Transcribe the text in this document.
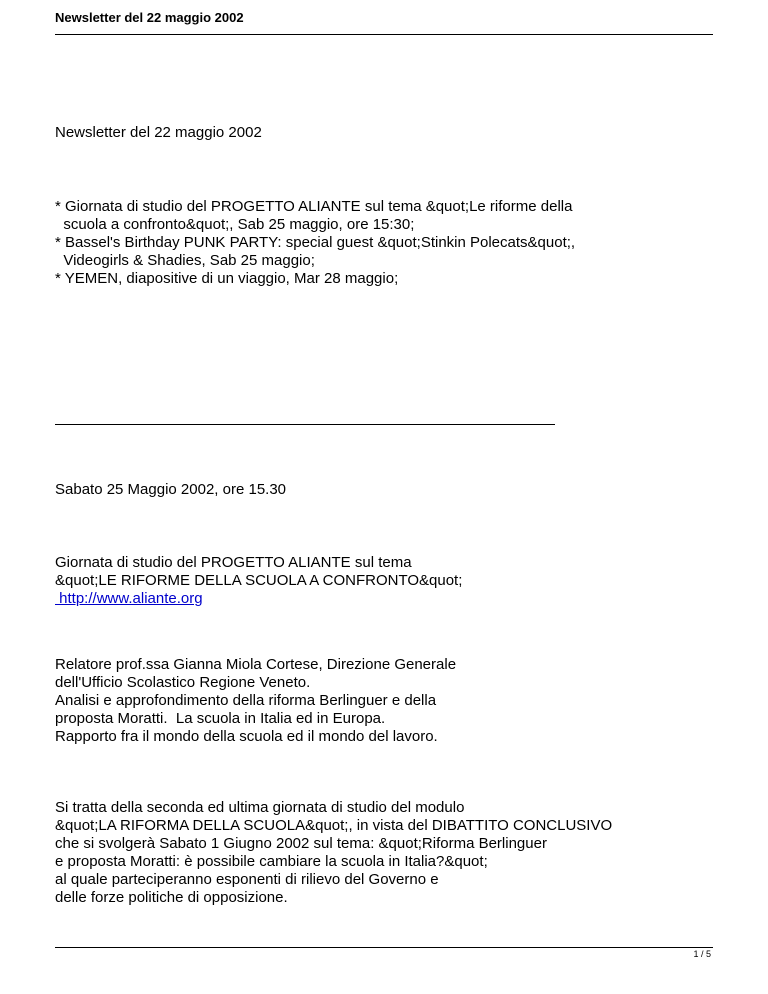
Newsletter del 22 maggio 2002
Newsletter del 22 maggio 2002
* Giornata di studio del PROGETTO ALIANTE sul tema &quot;Le riforme della
scuola a confronto&quot;, Sab 25 maggio, ore 15:30;
* Bassel's Birthday PUNK PARTY: special guest &quot;Stinkin Polecats&quot;,
Videogirls & Shadies, Sab 25 maggio;
* YEMEN, diapositive di un viaggio, Mar 28 maggio;
Sabato 25 Maggio 2002, ore 15.30
Giornata di studio del PROGETTO ALIANTE sul tema
&quot;LE RIFORME DELLA SCUOLA A CONFRONTO&quot;
http://www.aliante.org
Relatore prof.ssa Gianna Miola Cortese, Direzione Generale
dell'Ufficio Scolastico Regione Veneto.
Analisi e approfondimento della riforma Berlinguer e della
proposta Moratti.  La scuola in Italia ed in Europa.
Rapporto fra il mondo della scuola ed il mondo del lavoro.
Si tratta della seconda ed ultima giornata di studio del modulo
&quot;LA RIFORMA DELLA SCUOLA&quot;, in vista del DIBATTITO CONCLUSIVO
che si svolgerà Sabato 1 Giugno 2002 sul tema: &quot;Riforma Berlinguer
e proposta Moratti: è possibile cambiare la scuola in Italia?&quot;
al quale parteciperanno esponenti di rilievo del Governo e
delle forze politiche di opposizione.
1 / 5
